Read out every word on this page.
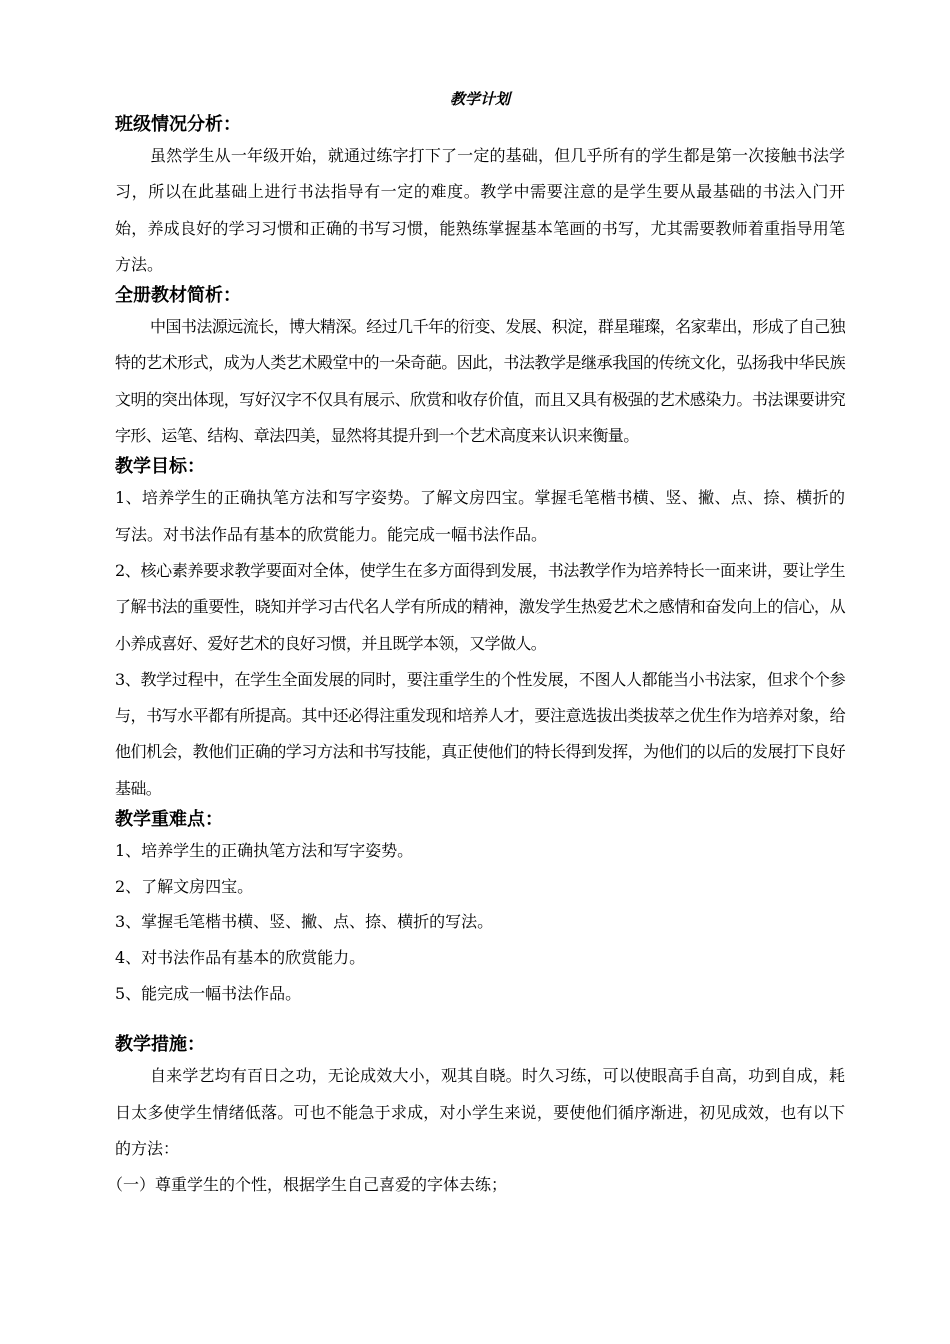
教学计划
班级情况分析：

虽然学生从一年级开始，就通过练字打下了一定的基础，但几乎所有的学生都是第一次接触书法学习，所以在此基础上进行书法指导有一定的难度。教学中需要注意的是学生要从最基础的书法入门开始，养成良好的学习习惯和正确的书写习惯，能熟练掌握基本笔画的书写，尤其需要教师着重指导用笔方法。

全册教材简析：

中国书法源远流长，博大精深。经过几千年的衍变、发展、积淀，群星璀璨，名家辈出，形成了自己独特的艺术形式，成为人类艺术殿堂中的一朵奇葩。因此，书法教学是继承我国的传统文化，弘扬我中华民族文明的突出体现，写好汉字不仅具有展示、欣赏和收存价值，而且又具有极强的艺术感染力。书法课要讲究字形、运笔、结构、章法四美，显然将其提升到一个艺术高度来认识来衡量。

教学目标：

1、培养学生的正确执笔方法和写字姿势。了解文房四宝。掌握毛笔楷书横、竖、撇、点、捺、横折的写法。对书法作品有基本的欣赏能力。能完成一幅书法作品。

2、核心素养要求教学要面对全体，使学生在多方面得到发展，书法教学作为培养特长一面来讲，要让学生了解书法的重要性，晓知并学习古代名人学有所成的精神，激发学生热爱艺术之感情和奋发向上的信心，从小养成喜好、爱好艺术的良好习惯，并且既学本领，又学做人。

3、教学过程中，在学生全面发展的同时，要注重学生的个性发展，不图人人都能当小书法家，但求个个参与，书写水平都有所提高。其中还必得注重发现和培养人才，要注意选拔出类拔萃之优生作为培养对象，给他们机会，教他们正确的学习方法和书写技能，真正使他们的特长得到发挥，为他们的以后的发展打下良好基础。

教学重难点：

1、培养学生的正确执笔方法和写字姿势。

2、了解文房四宝。

3、掌握毛笔楷书横、竖、撇、点、捺、横折的写法。

4、对书法作品有基本的欣赏能力。

5、能完成一幅书法作品。

教学措施：

自来学艺均有百日之功，无论成效大小，观其自晓。时久习练，可以使眼高手自高，功到自成，耗日太多使学生情绪低落。可也不能急于求成，对小学生来说，要使他们循序渐进，初见成效，也有以下的方法：

（一）尊重学生的个性，根据学生自己喜爱的字体去练；
